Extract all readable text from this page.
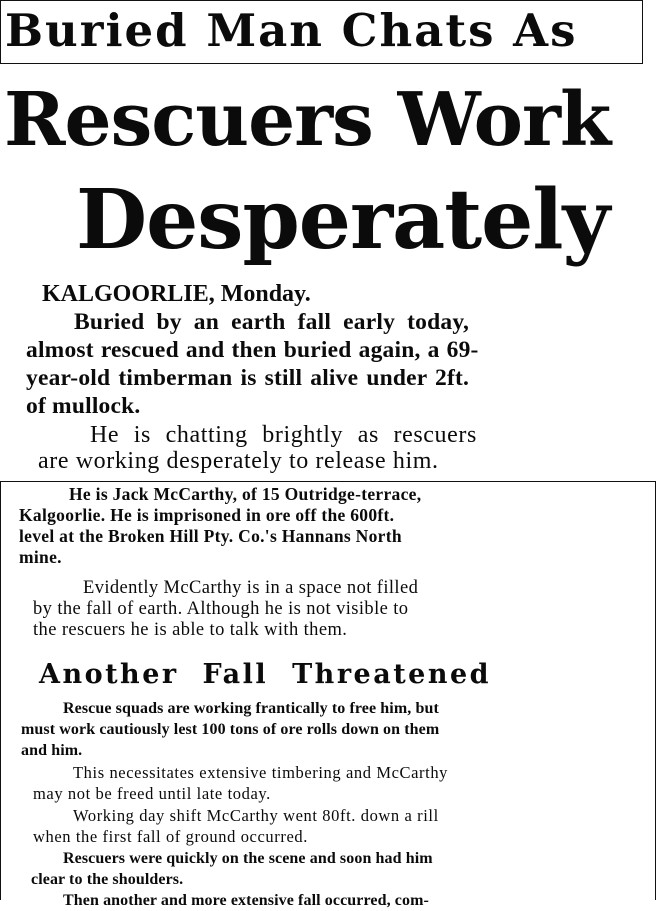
Buried Man Chats As
Rescuers Work
Desperately

KALGOORLIE, Monday.

Buried by an earth fall early today,
almost rescued and then buried again, a 69-
year-old timberman is still alive under 2ft.
of mullock.

He is chatting brightly as rescuers
are working desperately to release him.

He is Jack McCarthy, of 15 Outridge-terrace,
Kalgoorlie. He is imprisoned in ore off the 600ft.
level at the Broken Hill Pty. Co.'s Hannans North
mine.

Evidently McCarthy is in a space not filled
by the fall of earth. Although he is not visible to
the rescuers he is able to talk with them.

Another Fall Threatened

Rescue squads are working frantically to free him, but
must work cautiously lest 100 tons of ore rolls down on them
and him.

This necessitates extensive timbering and McCarthy
may not be freed until late today.

Working day shift McCarthy went 80ft. down a rill
when the first fall of ground occurred.

Rescuers were quickly on the scene and soon had him
clear to the shoulders.

Then another and more extensive fall occurred, com-
